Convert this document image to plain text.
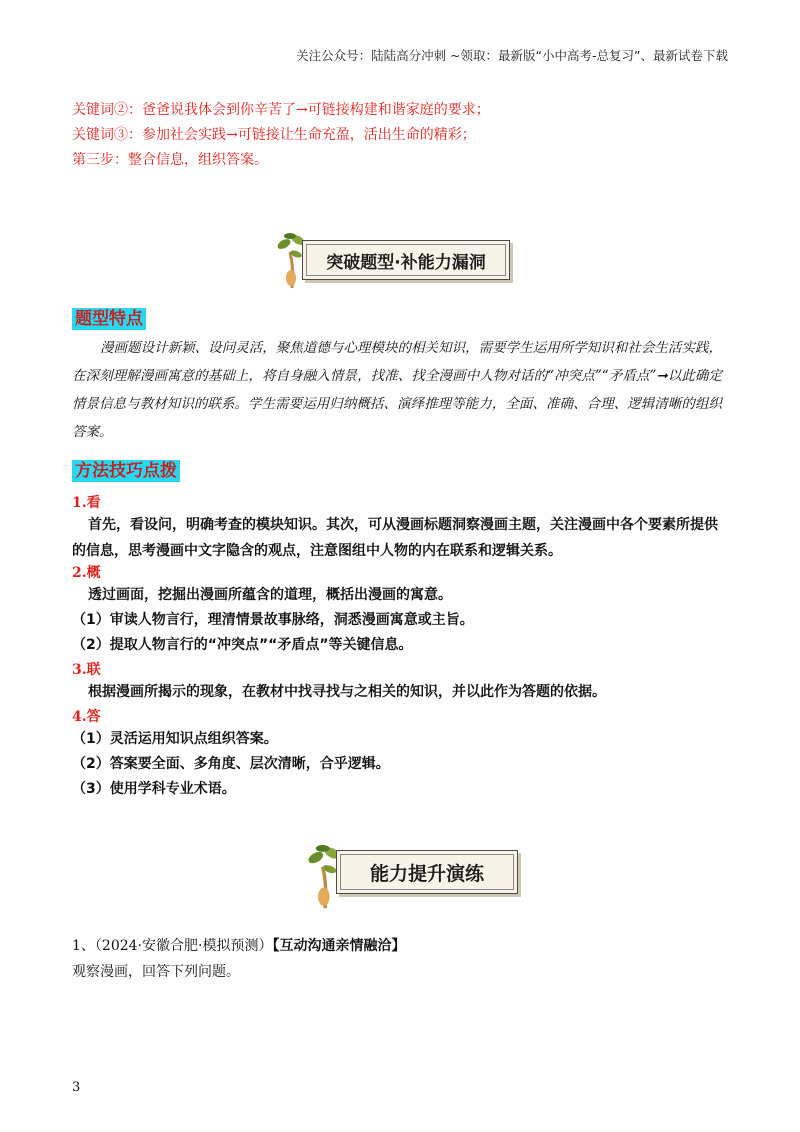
关注公众号：陆陆高分冲刺 ~领取：最新版“小中高考-总复习”、最新试卷下载
关键词②：爸爸说我体会到你辛苦了→可链接构建和谐家庭的要求；
关键词③：参加社会实践→可链接让生命充盈，活出生命的精彩；
第三步：整合信息，组织答案。
突破题型·补能力漏洞
题型特点
漫画题设计新颖、设问灵活，聚焦道德与心理模块的相关知识，需要学生运用所学知识和社会生活实践，在深刻理解漫画寓意的基础上，将自身融入情景，找准、找全漫画中人物对话的“冲突点”“矛盾点”➞以此确定情景信息与教材知识的联系。学生需要运用归纳概括、演绎推理等能力，全面、准确、合理、逻辑清晰的组织答案。
方法技巧点拨
1.看
首先，看设问，明确考查的模块知识。其次，可从漫画标题洞察漫画主题，关注漫画中各个要素所提供的信息，思考漫画中文字隐含的观点，注意图组中人物的内在联系和逻辑关系。
2.概
透过画面，挖掘出漫画所蕴含的道理，概括出漫画的寓意。
（1）审读人物言行，理清情景故事脉络，洞悉漫画寓意或主旨。
（2）提取人物言行的“冲突点”“矛盾点”等关键信息。
3.联
根据漫画所揭示的现象，在教材中找寻找与之相关的知识，并以此作为答题的依据。
4.答
（1）灵活运用知识点组织答案。
（2）答案要全面、多角度、层次清晰，合乎逻辑。
（3）使用学科专业术语。
能力提升演练
1、（2024·安徽合肥·模拟预测）【互动沟通亲情融洽】
观察漫画，回答下列问题。
3
